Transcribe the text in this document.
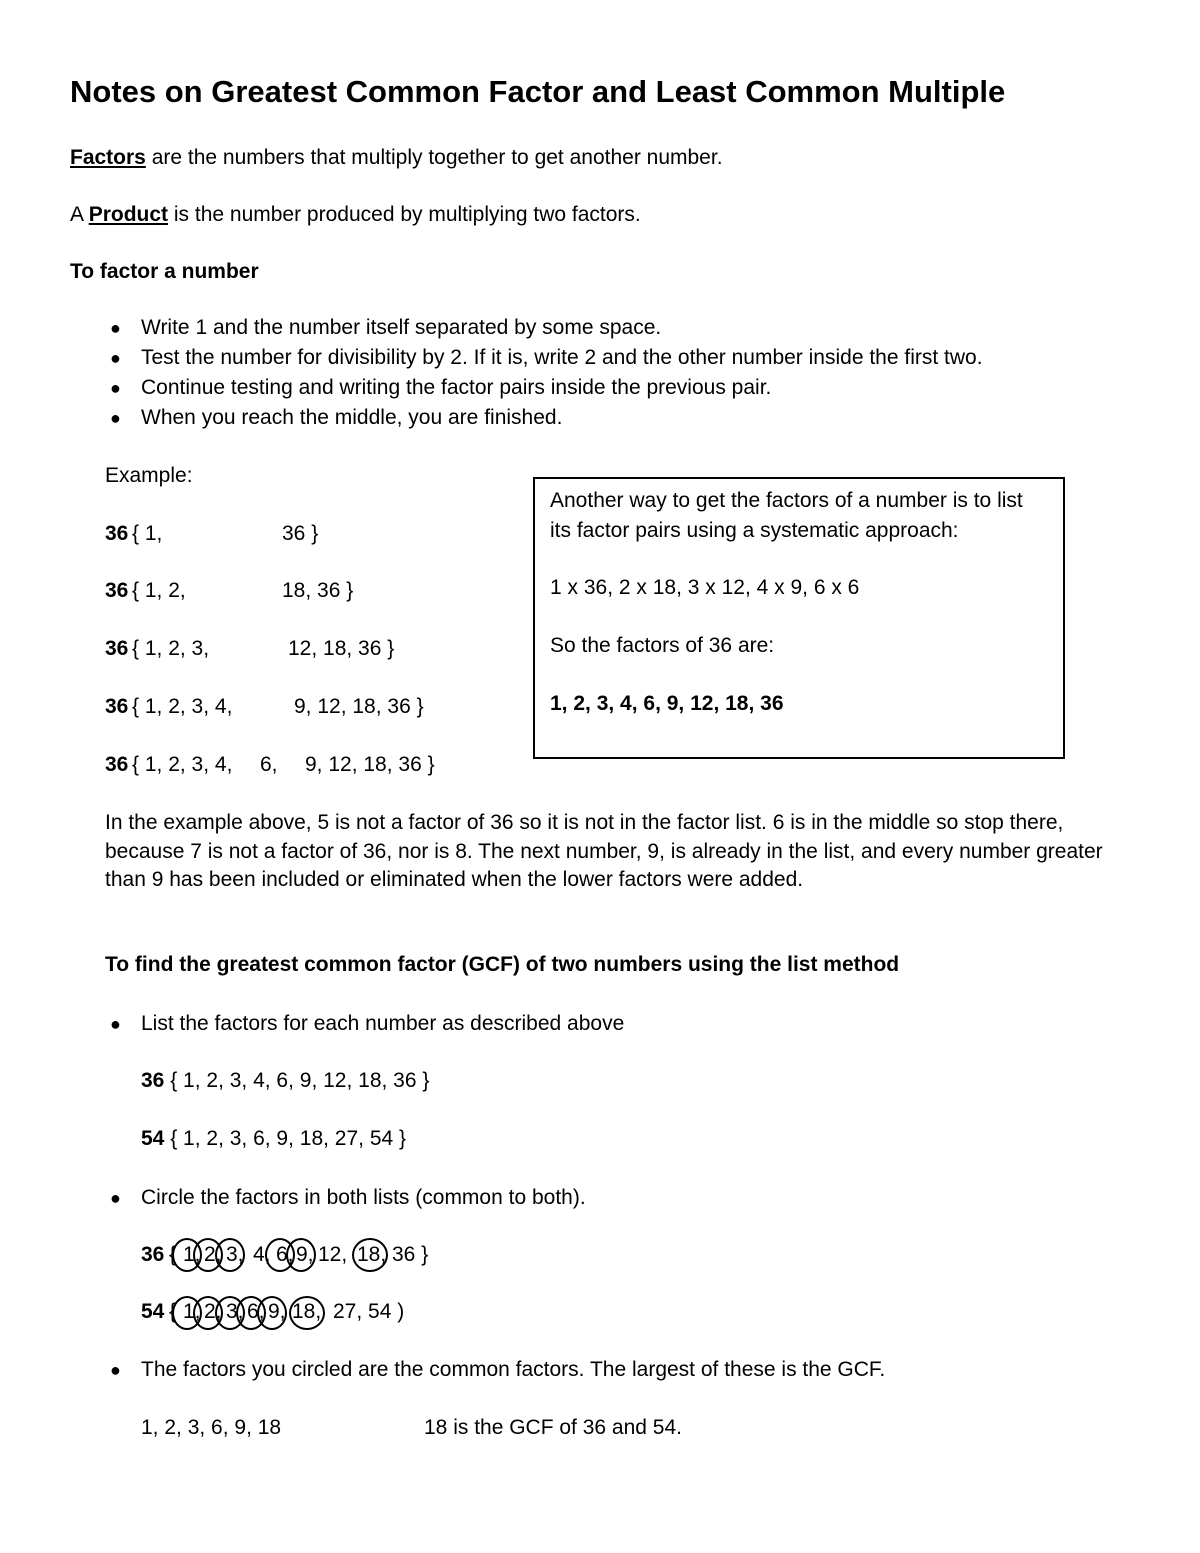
Notes on Greatest Common Factor and Least Common Multiple
Factors are the numbers that multiply together to get another number.
A Product is the number produced by multiplying two factors.
To factor a number
● Write 1 and the number itself separated by some space.
● Test the number for divisibility by 2. If it is, write 2 and the other number inside the first two.
● Continue testing and writing the factor pairs inside the previous pair.
● When you reach the middle, you are finished.
Example:
36 { 1,	36 }
36 { 1, 2,	18, 36 }
36 { 1, 2, 3,	12, 18, 36 }
36 { 1, 2, 3, 4,	9, 12, 18, 36 }
36 { 1, 2, 3, 4, 6, 9, 12, 18, 36 }
Another way to get the factors of a number is to list
its factor pairs using a systematic approach:
1 x 36, 2 x 18, 3 x 12, 4 x 9, 6 x 6
So the factors of 36 are:
1, 2, 3, 4, 6, 9, 12, 18, 36
In the example above, 5 is not a factor of 36 so it is not in the factor list. 6 is in the middle so stop there, because 7 is not a factor of 36, nor is 8. The next number, 9, is already in the list, and every number greater than 9 has been included or eliminated when the lower factors were added.
To find the greatest common factor (GCF) of two numbers using the list method
● List the factors for each number as described above
36 { 1, 2, 3, 4, 6, 9, 12, 18, 36 }
54 { 1, 2, 3, 6, 9, 18, 27, 54 }
● Circle the factors in both lists (common to both).
36 { 1, 2, 3, 4, 6, 9, 12, 18, 36 }
54 { 1, 2, 3, 6, 9, 18, 27, 54 )
● The factors you circled are the common factors. The largest of these is the GCF.
1, 2, 3, 6, 9, 18	18 is the GCF of 36 and 54.
